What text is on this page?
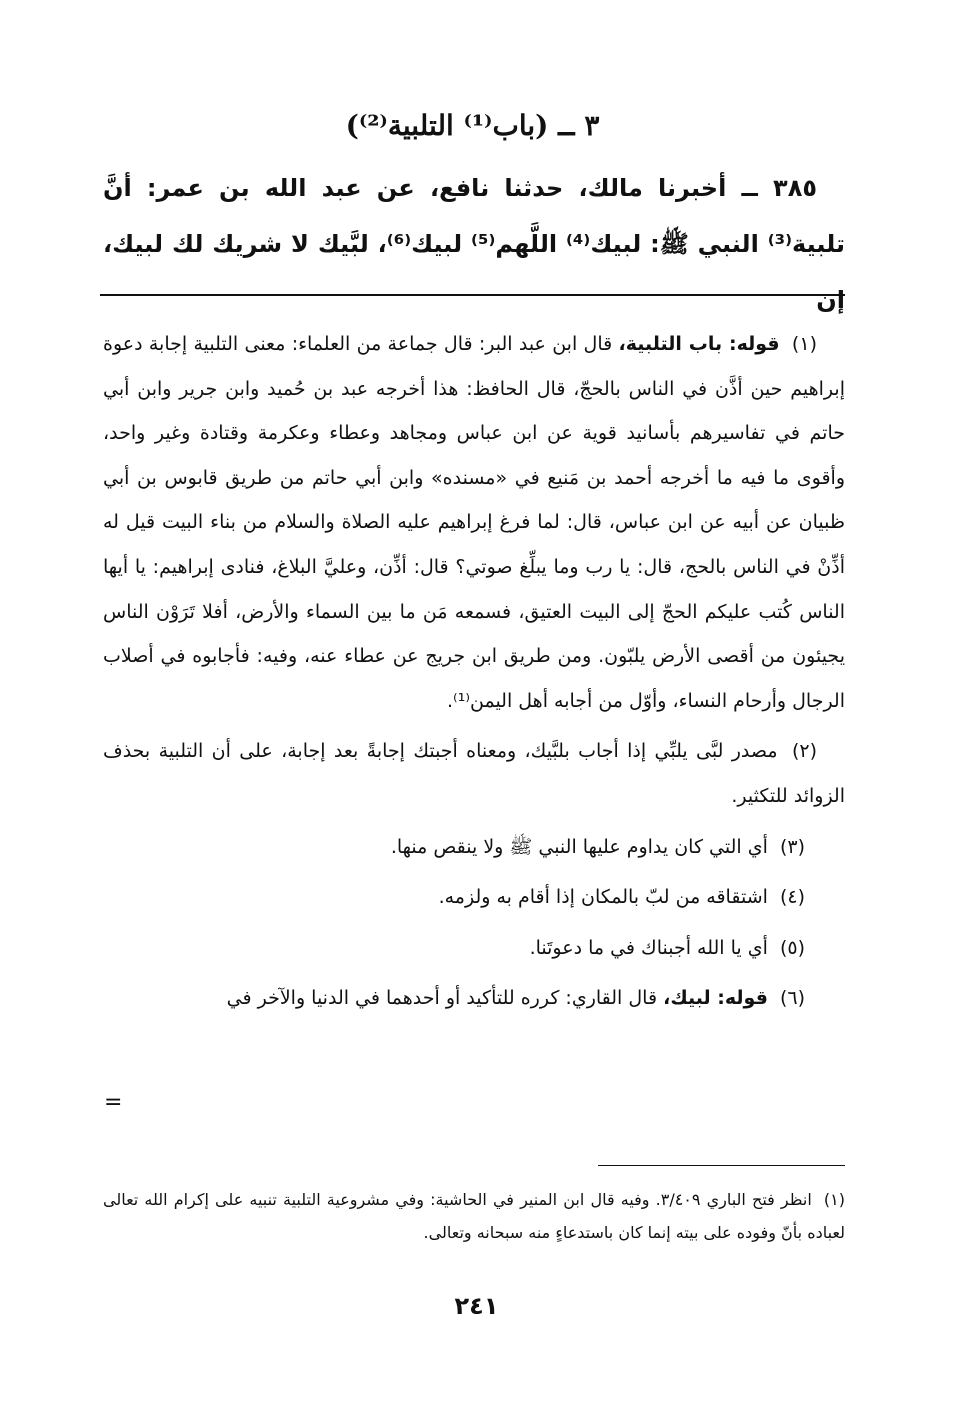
٣ ــ (باب⁽¹⁾ التلبية⁽²⁾)

٣٨٥ ــ أخبرنا مالك، حدثنا نافع، عن عبد الله بن عمر: أنَّ تلبية⁽³⁾ النبي ﷺ: لبيك⁽⁴⁾ اللَّهم⁽⁵⁾ لبيك⁽⁶⁾، لبَّيك لا شريك لك لبيك، إن

(١) قوله: باب التلبية، قال ابن عبد البر: قال جماعة من العلماء: معنى التلبية إجابة دعوة إبراهيم حين أذَّن في الناس بالحجّ، قال الحافظ: هذا أخرجه عبد بن حُميد وابن جرير وابن أبي حاتم في تفاسيرهم بأسانيد قوية عن ابن عباس ومجاهد وعطاء وعكرمة وقتادة وغير واحد، وأقوى ما فيه ما أخرجه أحمد بن مَنيع في «مسنده» وابن أبي حاتم من طريق قابوس بن أبي ظبيان عن أبيه عن ابن عباس، قال: لما فرغ إبراهيم عليه الصلاة والسلام من بناء البيت قيل له أذِّنْ في الناس بالحج، قال: يا رب وما يبلِّغ صوتي؟ قال: أذِّن، وعليَّ البلاغ، فنادى إبراهيم: يا أيها الناس كُتب عليكم الحجّ إلى البيت العتيق، فسمعه مَن ما بين السماء والأرض، أفلا تَرَوْن الناس يجيئون من أقصى الأرض يلبّون. ومن طريق ابن جريج عن عطاء عنه، وفيه: فأجابوه في أصلاب الرجال وأرحام النساء، وأوّل من أجابه أهل اليمن⁽¹⁾.

(٢) مصدر لبَّى يلبِّي إذا أجاب بلبَّيك، ومعناه أجبتك إجابةً بعد إجابة، على أن التلبية بحذف الزوائد للتكثير.

(٣) أي التي كان يداوم عليها النبي ﷺ ولا ينقص منها.

(٤) اشتقاقه من لبّ بالمكان إذا أقام به ولزمه.

(٥) أي يا الله أجبناك في ما دعوتَنا.

(٦) قوله: لبيك، قال القاري: كرره للتأكيد أو أحدهما في الدنيا والآخر في

=

(١) انظر فتح الباري ٣/٤٠٩. وفيه قال ابن المنير في الحاشية: وفي مشروعية التلبية تنبيه على إكرام الله تعالى لعباده بأنّ وفوده على بيته إنما كان باستدعاءٍ منه سبحانه وتعالى.

٢٤١
